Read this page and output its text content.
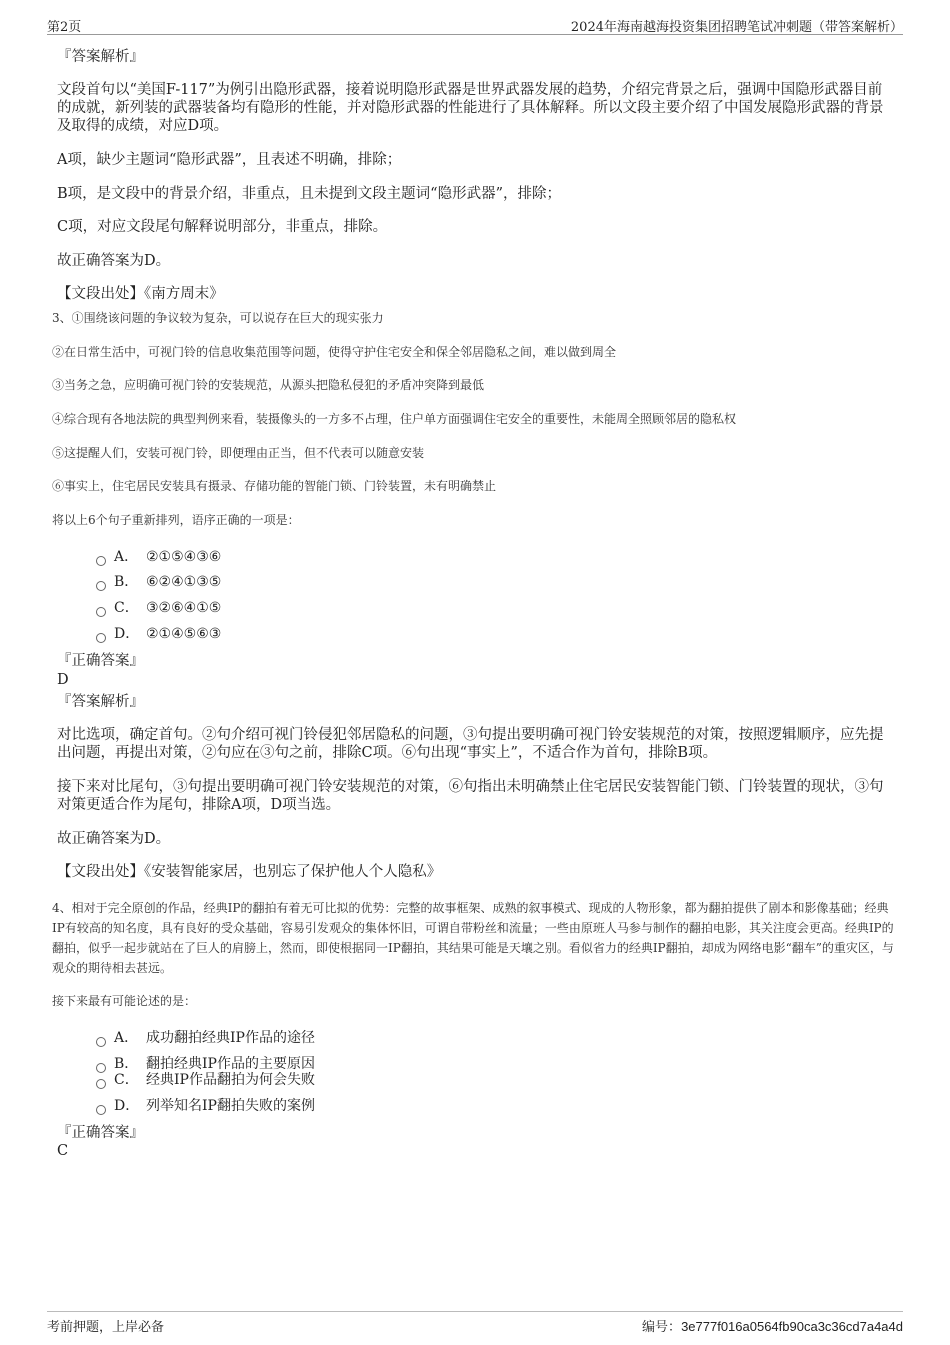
第2页	2024年海南越海投资集团招聘笔试冲刺题（带答案解析）
『答案解析』
文段首句以“美国F-117”为例引出隐形武器，接着说明隐形武器是世界武器发展的趋势，介绍完背景之后，强调中国隐形武器目前的成就，新列装的武器装备均有隐形的性能，并对隐形武器的性能进行了具体解释。所以文段主要介绍了中国发展隐形武器的背景及取得的成绩，对应D项。
A项，缺少主题词“隐形武器”，且表述不明确，排除；
B项，是文段中的背景介绍，非重点，且未提到文段主题词“隐形武器”，排除；
C项，对应文段尾句解释说明部分，非重点，排除。
故正确答案为D。
【文段出处】《南方周末》
3、①围绕该问题的争议较为复杂，可以说存在巨大的现实张力
②在日常生活中，可视门铃的信息收集范围等问题，使得守护住宅安全和保全邻居隐私之间，难以做到周全
③当务之急，应明确可视门铃的安装规范，从源头把隐私侵犯的矛盾冲突降到最低
④综合现有各地法院的典型判例来看，装摄像头的一方多不占理，住户单方面强调住宅安全的重要性，未能周全照顾邻居的隐私权
⑤这提醒人们，安装可视门铃，即便理由正当，但不代表可以随意安装
⑥事实上，住宅居民安装具有摄录、存储功能的智能门锁、门铃装置，未有明确禁止
将以上6个句子重新排列，语序正确的一项是：
A． ②①⑤④③⑥
B． ⑥②④①③⑤
C． ③②⑥④①⑤
D． ②①④⑤⑥③
『正确答案』
D
『答案解析』
对比选项，确定首句。②句介绍可视门铃侵犯邻居隐私的问题，③句提出要明确可视门铃安装规范的对策，按照逻辑顺序，应先提出问题，再提出对策，②句应在③句之前，排除C项。⑥句出现“事实上”，不适合作为首句，排除B项。
接下来对比尾句，③句提出要明确可视门铃安装规范的对策，⑥句指出未明确禁止住宅居民安装智能门锁、门铃装置的现状，③句对策更适合作为尾句，排除A项，D项当选。
故正确答案为D。
【文段出处】《安装智能家居，也别忘了保护他人个人隐私》
4、相对于完全原创的作品，经典IP的翻拍有着无可比拟的优势：完整的故事框架、成熟的叙事模式、现成的人物形象，都为翻拍提供了剧本和影像基础；经典IP有较高的知名度，具有良好的受众基础，容易引发观众的集体怀旧，可谓自带粉丝和流量；一些由原班人马参与制作的翻拍电影，其关注度会更高。经典IP的翻拍，似乎一起步就站在了巨人的肩膀上，然而，即使根据同一IP翻拍，其结果可能是天壤之别。看似省力的经典IP翻拍，却成为网络电影“翻车”的重灾区，与观众的期待相去甚远。
接下来最有可能论述的是：
A． 成功翻拍经典IP作品的途径
B． 翻拍经典IP作品的主要原因
C． 经典IP作品翻拍为何会失败
D． 列举知名IP翻拍失败的案例
『正确答案』
C
考前押题，上岸必备	编号：3e777f016a0564fb90ca3c36cd7a4a4d
